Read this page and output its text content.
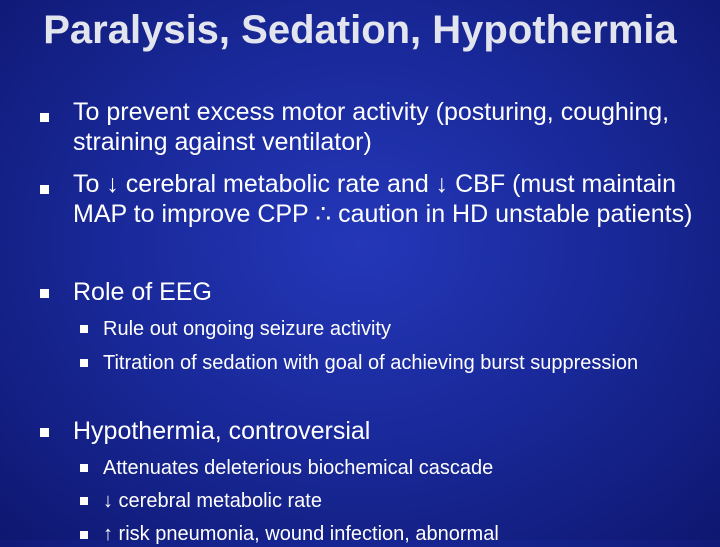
Paralysis, Sedation, Hypothermia
To prevent excess motor activity (posturing, coughing, straining against ventilator)
To ↓ cerebral metabolic rate and ↓ CBF (must maintain MAP to improve CPP ∴ caution in HD unstable patients)
Role of EEG
Rule out ongoing seizure activity
Titration of sedation with goal of achieving burst suppression
Hypothermia, controversial
Attenuates deleterious biochemical cascade
↓ cerebral metabolic rate
↑ risk pneumonia, wound infection, abnormal
